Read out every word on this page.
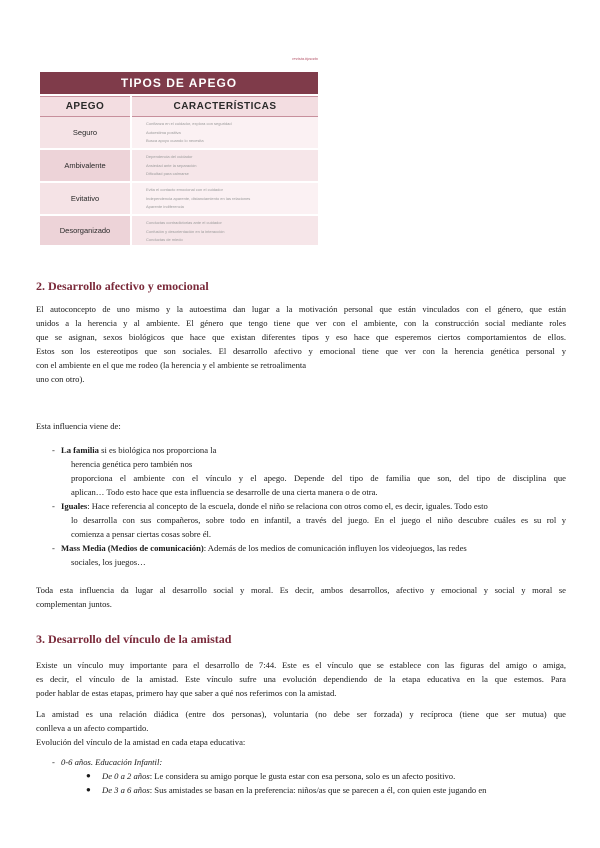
revista.tipsodo
TIPOS DE APEGO
APEGO	CARACTERÍSTICAS
Seguro
• Confianza en el cuidador, explora con seguridad
• Autoestima positiva
• Busca apoyo cuando lo necesita
Ambivalente
• Dependencia del cuidador
• Ansiedad ante la separación
• Dificultad para calmarse
Evitativo
• Evita el contacto emocional con el cuidador
• Independencia aparente, distanciamiento en las relaciones
• Aparente indiferencia
Desorganizado
• Conductas contradictorias ante el cuidador
• Confusión y desorientación en la interacción
• Conductas de miedo
2. Desarrollo afectivo y emocional
El autoconcepto de uno mismo y la autoestima dan lugar a la motivación personal que están vinculados con el género, que están
unidos a la herencia y al ambiente. El género que tengo tiene que ver con el ambiente, con la construcción social mediante roles
que se asignan, sexos biológicos que hace que existan diferentes tipos y eso hace que esperemos ciertos comportamientos de ellos.
Estos son los estereotipos que son sociales. El desarrollo afectivo y emocional tiene que ver con la herencia genética personal y
con el ambiente en el que me rodeo (la herencia y el ambiente se retroalimenta
uno con otro).
Esta influencia viene de:
- La familia si es biológica nos proporciona la
herencia genética pero también nos
proporciona el ambiente con el vínculo y el apego. Depende del tipo de familia que son, del tipo de disciplina que
aplican… Todo esto hace que esta influencia se desarrolle de una cierta manera o de otra.
- Iguales: Hace referencia al concepto de la escuela, donde el niño se relaciona con otros como el, es decir, iguales. Todo esto
lo desarrolla con sus compañeros, sobre todo en infantil, a través del juego. En el juego el niño descubre cuáles es su rol y
comienza a pensar ciertas cosas sobre él.
- Mass Media (Medios de comunicación): Además de los medios de comunicación influyen los videojuegos, las redes
sociales, los juegos…
Toda esta influencia da lugar al desarrollo social y moral. Es decir, ambos desarrollos, afectivo y emocional y social y moral se
complementan juntos.
3. Desarrollo del vínculo de la amistad
Existe un vínculo muy importante para el desarrollo de 7:44. Este es el vínculo que se establece con las figuras del amigo o amiga,
es decir, el vínculo de la amistad. Este vínculo sufre una evolución dependiendo de la etapa educativa en la que estemos. Para
poder hablar de estas etapas, primero hay que saber a qué nos referimos con la amistad.
La amistad es una relación diádica (entre dos personas), voluntaria (no debe ser forzada) y recíproca (tiene que ser mutua) que
conlleva a un afecto compartido.
Evolución del vínculo de la amistad en cada etapa educativa:
- 0-6 años. Educación Infantil:
● De 0 a 2 años: Le considera su amigo porque le gusta estar con esa persona, solo es un afecto positivo.
● De 3 a 6 años: Sus amistades se basan en la preferencia: niños/as que se parecen a él, con quien este jugando en
